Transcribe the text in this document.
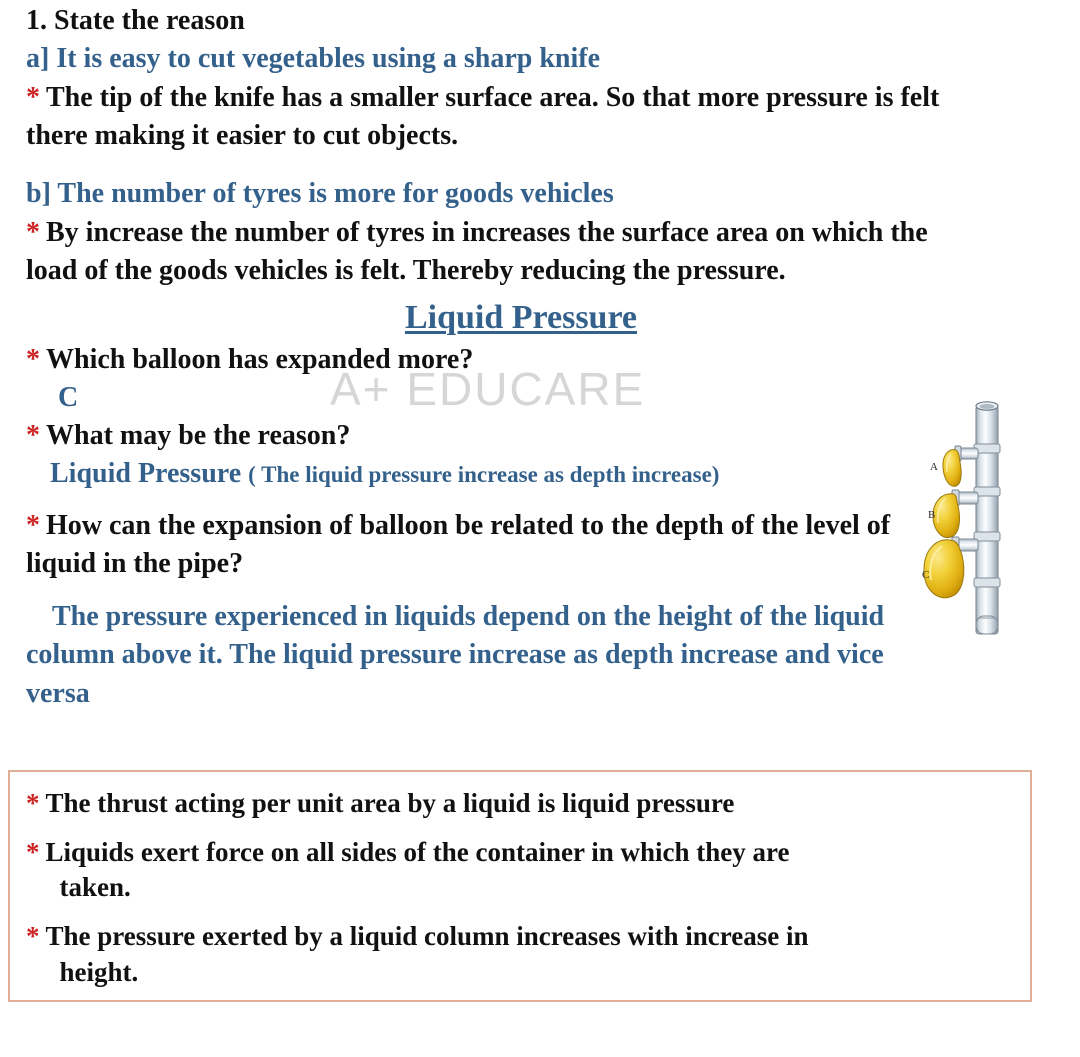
A+ EDUCARE
1. State the reason
a] It is easy to cut vegetables using a sharp knife
* The tip of the knife has a smaller surface area. So that more pressure is felt there making it easier to cut objects.
b] The number of tyres is more for goods vehicles
* By increase the number of tyres in increases the surface area on which the load of the goods vehicles is felt. Thereby reducing the pressure.
Liquid Pressure
* Which balloon has expanded more?
C
* What may be the reason?
Liquid Pressure ( The liquid pressure increase as depth increase)
* How can the expansion of balloon be related to the depth of the level of liquid in the pipe?
The pressure experienced in liquids depend on the height of the liquid column above it. The liquid pressure increase as depth increase and vice versa
A
B
C
* The thrust acting per unit area by a liquid is liquid pressure
* Liquids exert force on all sides of the container in which they are
taken.
* The pressure exerted by a liquid column increases with increase in
height.
